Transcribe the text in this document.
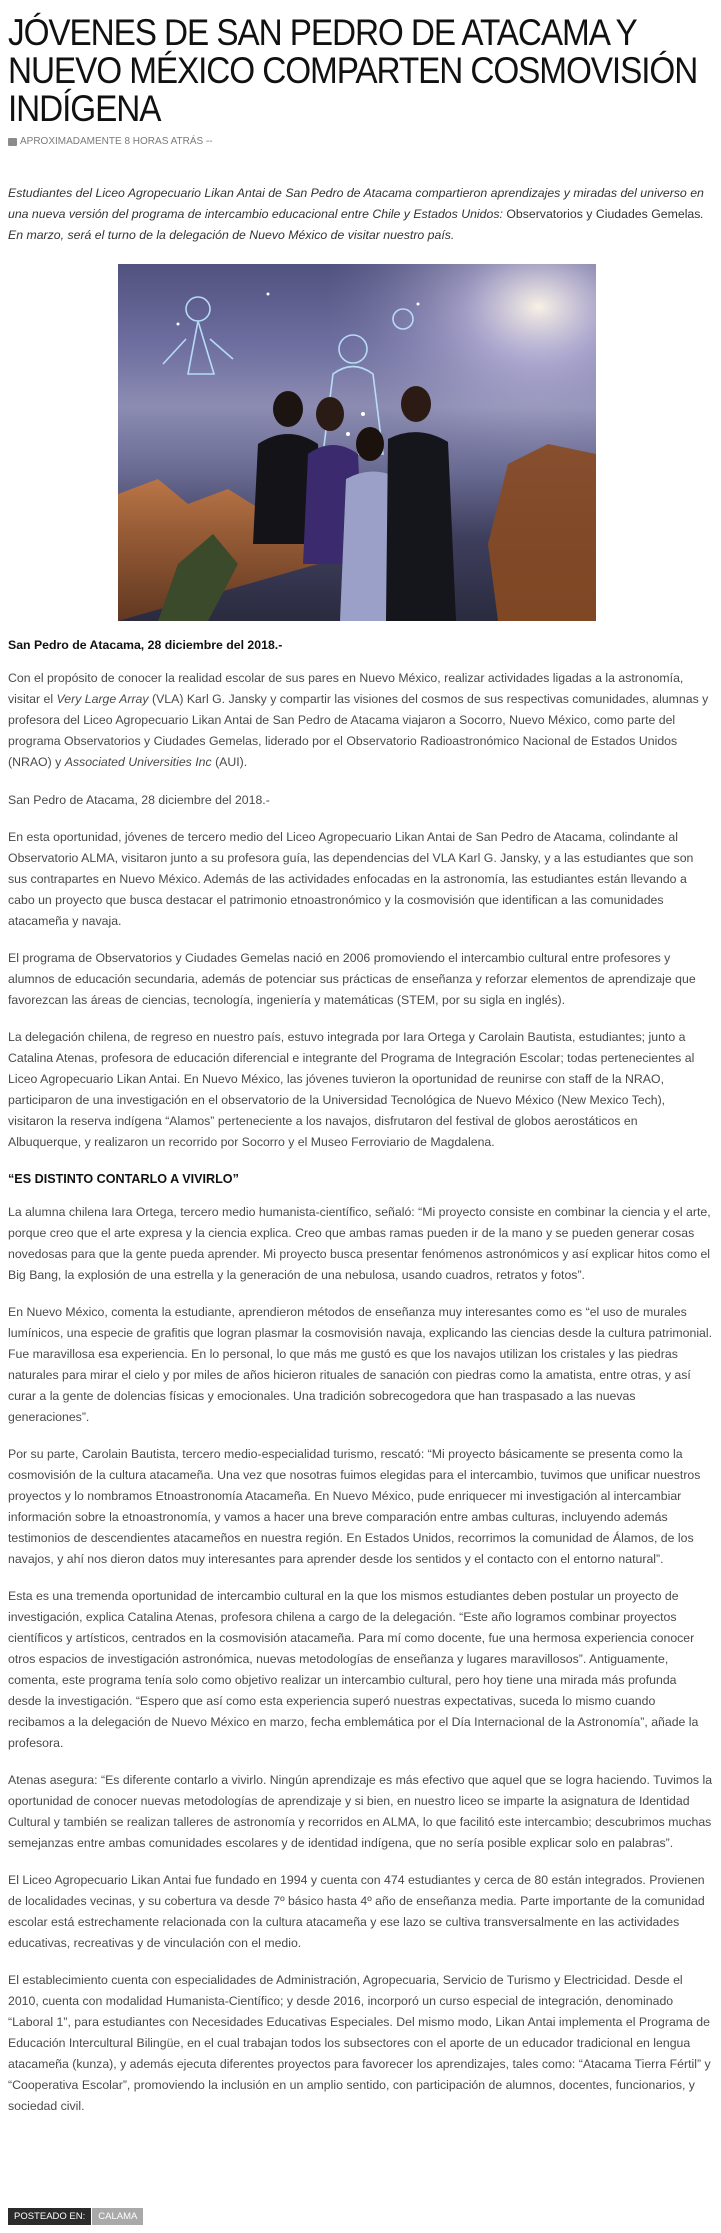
JÓVENES DE SAN PEDRO DE ATACAMA Y NUEVO MÉXICO COMPARTEN COSMOVISIÓN INDÍGENA
APROXIMADAMENTE 8 HORAS ATRÁS --

Estudiantes del Liceo Agropecuario Likan Antai de San Pedro de Atacama compartieron aprendizajes y miradas del universo en una nueva versión del programa de intercambio educacional entre Chile y Estados Unidos: Observatorios y Ciudades Gemelas. En marzo, será el turno de la delegación de Nuevo México de visitar nuestro país.

San Pedro de Atacama, 28 diciembre del 2018.-

Con el propósito de conocer la realidad escolar de sus pares en Nuevo México, realizar actividades ligadas a la astronomía, visitar el Very Large Array (VLA) Karl G. Jansky y compartir las visiones del cosmos de sus respectivas comunidades, alumnas y profesora del Liceo Agropecuario Likan Antai de San Pedro de Atacama viajaron a Socorro, Nuevo México, como parte del programa Observatorios y Ciudades Gemelas, liderado por el Observatorio Radioastronómico Nacional de Estados Unidos (NRAO) y Associated Universities Inc (AUI).

San Pedro de Atacama, 28 diciembre del 2018.-

En esta oportunidad, jóvenes de tercero medio del Liceo Agropecuario Likan Antai de San Pedro de Atacama, colindante al Observatorio ALMA, visitaron junto a su profesora guía, las dependencias del VLA Karl G. Jansky, y a las estudiantes que son sus contrapartes en Nuevo México. Además de las actividades enfocadas en la astronomía, las estudiantes están llevando a cabo un proyecto que busca destacar el patrimonio etnoastronómico y la cosmovisión que identifican a las comunidades atacameña y navaja.

El programa de Observatorios y Ciudades Gemelas nació en 2006 promoviendo el intercambio cultural entre profesores y alumnos de educación secundaria, además de potenciar sus prácticas de enseñanza y reforzar elementos de aprendizaje que favorezcan las áreas de ciencias, tecnología, ingeniería y matemáticas (STEM, por su sigla en inglés).

La delegación chilena, de regreso en nuestro país, estuvo integrada por Iara Ortega y Carolain Bautista, estudiantes; junto a Catalina Atenas, profesora de educación diferencial e integrante del Programa de Integración Escolar; todas pertenecientes al Liceo Agropecuario Likan Antai. En Nuevo México, las jóvenes tuvieron la oportunidad de reunirse con staff de la NRAO, participaron de una investigación en el observatorio de la Universidad Tecnológica de Nuevo México (New Mexico Tech), visitaron la reserva indígena “Alamos” perteneciente a los navajos, disfrutaron del festival de globos aerostáticos en Albuquerque, y realizaron un recorrido por Socorro y el Museo Ferroviario de Magdalena.

“ES DISTINTO CONTARLO A VIVIRLO”

La alumna chilena Iara Ortega, tercero medio humanista-científico, señaló: “Mi proyecto consiste en combinar la ciencia y el arte, porque creo que el arte expresa y la ciencia explica. Creo que ambas ramas pueden ir de la mano y se pueden generar cosas novedosas para que la gente pueda aprender. Mi proyecto busca presentar fenómenos astronómicos y así explicar hitos como el Big Bang, la explosión de una estrella y la generación de una nebulosa, usando cuadros, retratos y fotos”.

En Nuevo México, comenta la estudiante, aprendieron métodos de enseñanza muy interesantes como es “el uso de murales lumínicos, una especie de grafitis que logran plasmar la cosmovisión navaja, explicando las ciencias desde la cultura patrimonial. Fue maravillosa esa experiencia. En lo personal, lo que más me gustó es que los navajos utilizan los cristales y las piedras naturales para mirar el cielo y por miles de años hicieron rituales de sanación con piedras como la amatista, entre otras, y así curar a la gente de dolencias físicas y emocionales. Una tradición sobrecogedora que han traspasado a las nuevas generaciones”.

Por su parte, Carolain Bautista, tercero medio-especialidad turismo, rescató: “Mi proyecto básicamente se presenta como la cosmovisión de la cultura atacameña. Una vez que nosotras fuimos elegidas para el intercambio, tuvimos que unificar nuestros proyectos y lo nombramos Etnoastronomía Atacameña. En Nuevo México, pude enriquecer mi investigación al intercambiar información sobre la etnoastronomía, y vamos a hacer una breve comparación entre ambas culturas, incluyendo además testimonios de descendientes atacameños en nuestra región. En Estados Unidos, recorrimos la comunidad de Álamos, de los navajos, y ahí nos dieron datos muy interesantes para aprender desde los sentidos y el contacto con el entorno natural”.

Esta es una tremenda oportunidad de intercambio cultural en la que los mismos estudiantes deben postular un proyecto de investigación, explica Catalina Atenas, profesora chilena a cargo de la delegación. “Este año logramos combinar proyectos científicos y artísticos, centrados en la cosmovisión atacameña. Para mí como docente, fue una hermosa experiencia conocer otros espacios de investigación astronómica, nuevas metodologías de enseñanza y lugares maravillosos”. Antiguamente, comenta, este programa tenía solo como objetivo realizar un intercambio cultural, pero hoy tiene una mirada más profunda desde la investigación. “Espero que así como esta experiencia superó nuestras expectativas, suceda lo mismo cuando recibamos a la delegación de Nuevo México en marzo, fecha emblemática por el Día Internacional de la Astronomía”, añade la profesora.

Atenas asegura: “Es diferente contarlo a vivirlo. Ningún aprendizaje es más efectivo que aquel que se logra haciendo. Tuvimos la oportunidad de conocer nuevas metodologías de aprendizaje y si bien, en nuestro liceo se imparte la asignatura de Identidad Cultural y también se realizan talleres de astronomía y recorridos en ALMA, lo que facilitó este intercambio; descubrimos muchas semejanzas entre ambas comunidades escolares y de identidad indígena, que no sería posible explicar solo en palabras”.

El Liceo Agropecuario Likan Antai fue fundado en 1994 y cuenta con 474 estudiantes y cerca de 80 están integrados. Provienen de localidades vecinas, y su cobertura va desde 7º básico hasta 4º año de enseñanza media. Parte importante de la comunidad escolar está estrechamente relacionada con la cultura atacameña y ese lazo se cultiva transversalmente en las actividades educativas, recreativas y de vinculación con el medio.

El establecimiento cuenta con especialidades de Administración, Agropecuaria, Servicio de Turismo y Electricidad. Desde el 2010, cuenta con modalidad Humanista-Científico; y desde 2016, incorporó un curso especial de integración, denominado “Laboral 1”, para estudiantes con Necesidades Educativas Especiales. Del mismo modo, Likan Antai implementa el Programa de Educación Intercultural Bilingüe, en el cual trabajan todos los subsectores con el aporte de un educador tradicional en lengua atacameña (kunza), y además ejecuta diferentes proyectos para favorecer los aprendizajes, tales como: “Atacama Tierra Fértil” y “Cooperativa Escolar”, promoviendo la inclusión en un amplio sentido, con participación de alumnos, docentes, funcionarios, y sociedad civil.

POSTEADO EN:	CALAMA
